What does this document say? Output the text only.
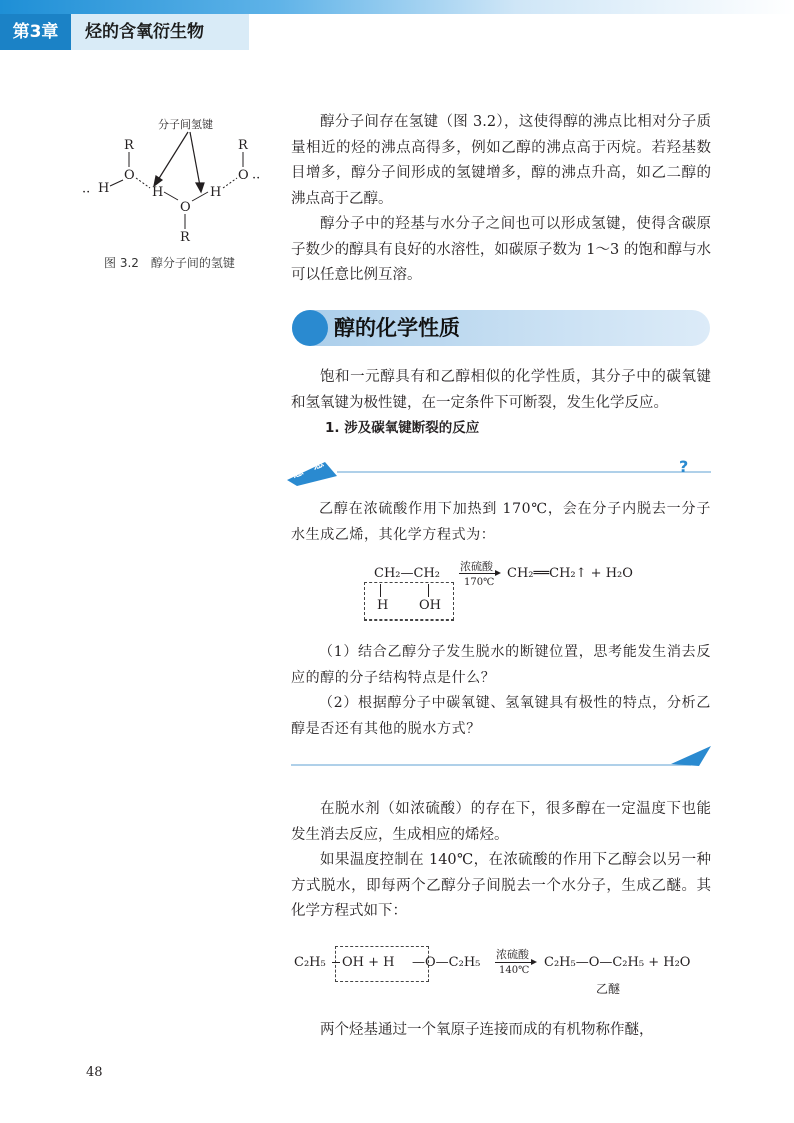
第3章	烃的含氧衍生物
分子间氢键
R
O
H
··	H
O
R
H
R
O ··
图 3.2　醇分子间的氢键

醇分子间存在氢键（图 3.2），这使得醇的沸点比相对分子质量相近的烃的沸点高得多，例如乙醇的沸点高于丙烷。若羟基数目增多，醇分子间形成的氢键增多，醇的沸点升高，如乙二醇的沸点高于乙醇。

醇分子中的羟基与水分子之间也可以形成氢键，使得含碳原子数少的醇具有良好的水溶性，如碳原子数为 1～3 的饱和醇与水可以任意比例互溶。

醇的化学性质

饱和一元醇具有和乙醇相似的化学性质，其分子中的碳氧键和氢氧键为极性键，在一定条件下可断裂，发生化学反应。

1. 涉及碳氧键断裂的反应
想一想	?

乙醇在浓硫酸作用下加热到 170℃，会在分子内脱去一分子水生成乙烯，其化学方程式为：

CH₂—CH₂
H OH
浓硫酸
170℃
CH₂══CH₂↑ + H₂O

（1）结合乙醇分子发生脱水的断键位置，思考能发生消去反应的醇的分子结构特点是什么？

（2）根据醇分子中碳氧键、氢氧键具有极性的特点，分析乙醇是否还有其他的脱水方式？

在脱水剂（如浓硫酸）的存在下，很多醇在一定温度下也能发生消去反应，生成相应的烯烃。

如果温度控制在 140℃，在浓硫酸的作用下乙醇会以另一种方式脱水，即每两个乙醇分子间脱去一个水分子，生成乙醚。其化学方程式如下：

C₂H₅ OH + H —O—C₂H₅
浓硫酸
140℃
C₂H₅—O—C₂H₅ + H₂O
乙醚

两个烃基通过一个氧原子连接而成的有机物称作醚，

48
